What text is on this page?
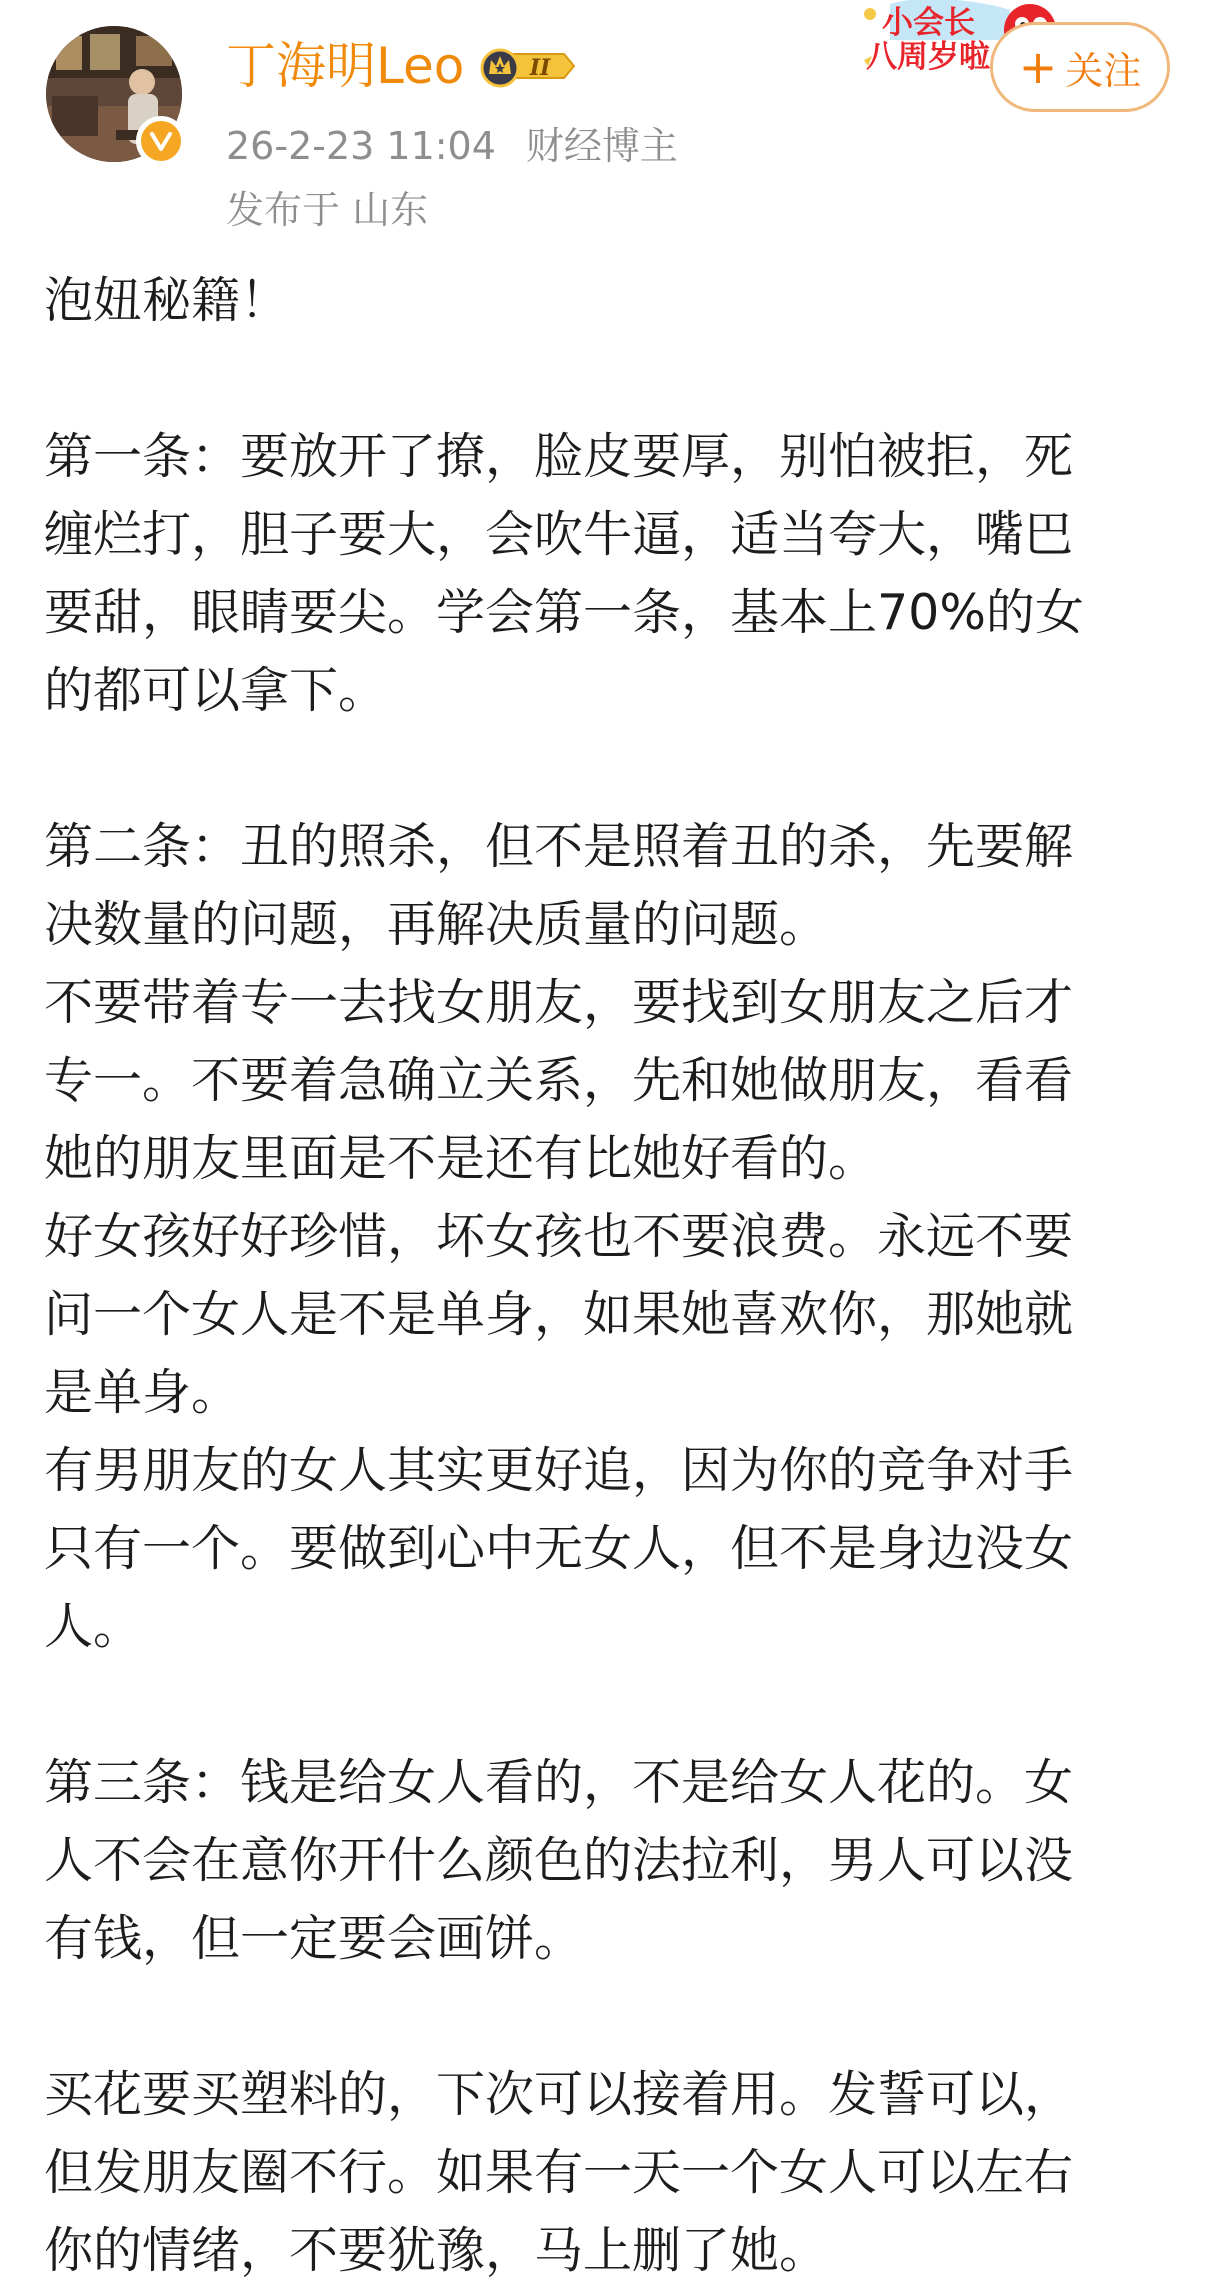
丁海明Leo	II
26-2-23 11:04 财经博主
发布于 山东
小会长
八周岁啦 + 关注

泡妞秘籍！

第一条：要放开了撩，脸皮要厚，别怕被拒，死

缠烂打，胆子要大，会吹牛逼，适当夸大，嘴巴

要甜，眼睛要尖。学会第一条，基本上70%的女

的都可以拿下。

第二条：丑的照杀，但不是照着丑的杀，先要解

决数量的问题，再解决质量的问题。

不要带着专一去找女朋友，要找到女朋友之后才

专一。不要着急确立关系，先和她做朋友，看看

她的朋友里面是不是还有比她好看的。

好女孩好好珍惜，坏女孩也不要浪费。永远不要

问一个女人是不是单身，如果她喜欢你，那她就

是单身。

有男朋友的女人其实更好追，因为你的竞争对手

只有一个。要做到心中无女人，但不是身边没女

人。

第三条：钱是给女人看的，不是给女人花的。女

人不会在意你开什么颜色的法拉利，男人可以没

有钱，但一定要会画饼。

买花要买塑料的，下次可以接着用。发誓可以，

但发朋友圈不行。如果有一天一个女人可以左右

你的情绪，不要犹豫，马上删了她。
